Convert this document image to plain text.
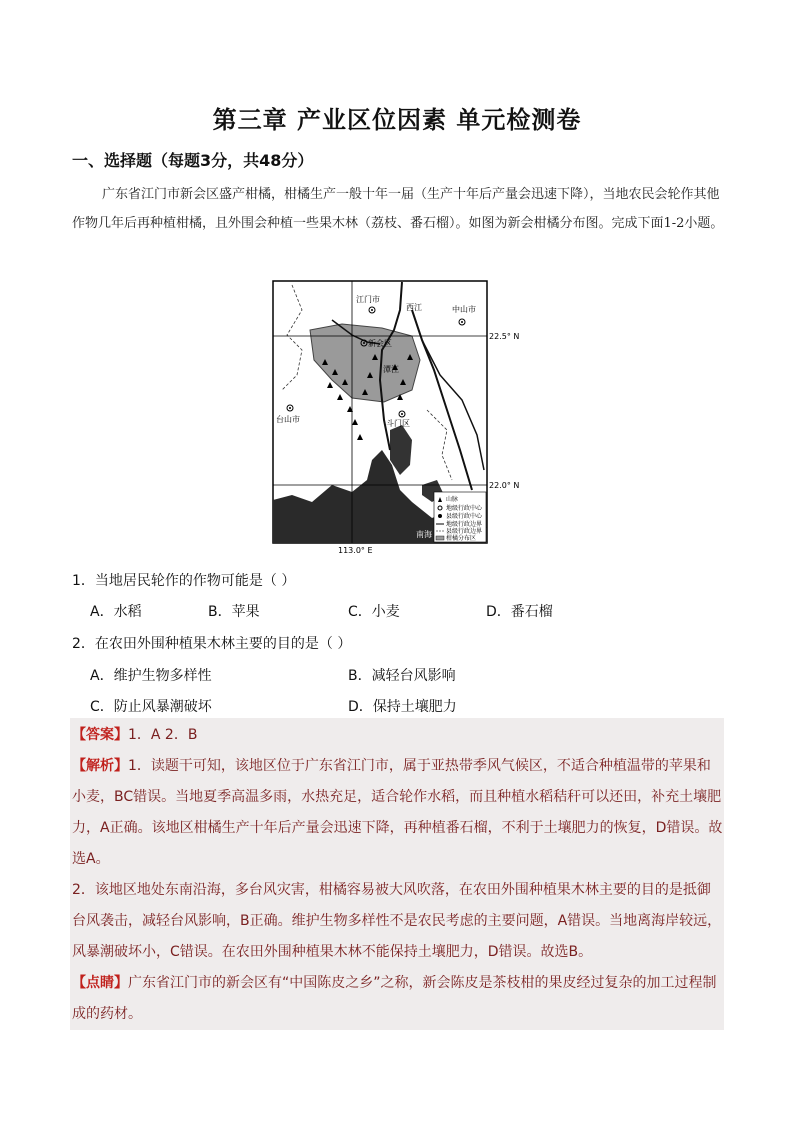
第三章 产业区位因素 单元检测卷
一、选择题（每题3分，共48分）
广东省江门市新会区盛产柑橘，柑橘生产一般十年一届（生产十年后产量会迅速下降），当地农民会轮作其他作物几年后再种植柑橘，且外围会种植一些果木林（荔枝、番石榴）。如图为新会柑橘分布图。完成下面1-2小题。
江门市
西江	中山市
新会区
潭江
台山市	斗门区
南海
22.5° N
22.0° N
113.0° E
山脉
地级行政中心
县级行政中心
地级行政边界
县级行政边界
柑橘分布区
1．当地居民轮作的作物可能是（ ）
A．水稻	B．苹果	C．小麦	D．番石榴
2．在农田外围种植果木林主要的目的是（ ）
A．维护生物多样性	B．减轻台风影响
C．防止风暴潮破坏	D．保持土壤肥力
【答案】1．A 2．B
【解析】1．读题干可知，该地区位于广东省江门市，属于亚热带季风气候区，不适合种植温带的苹果和小麦，BC错误。当地夏季高温多雨，水热充足，适合轮作水稻，而且种植水稻秸秆可以还田，补充土壤肥力，A正确。该地区柑橘生产十年后产量会迅速下降，再种植番石榴，不利于土壤肥力的恢复，D错误。故选A。
2．该地区地处东南沿海，多台风灾害，柑橘容易被大风吹落，在农田外围种植果木林主要的目的是抵御台风袭击，减轻台风影响，B正确。维护生物多样性不是农民考虑的主要问题，A错误。当地离海岸较远，风暴潮破坏小，C错误。在农田外围种植果木林不能保持土壤肥力，D错误。故选B。
【点睛】广东省江门市的新会区有“中国陈皮之乡”之称，新会陈皮是茶枝柑的果皮经过复杂的加工过程制成的药材。
